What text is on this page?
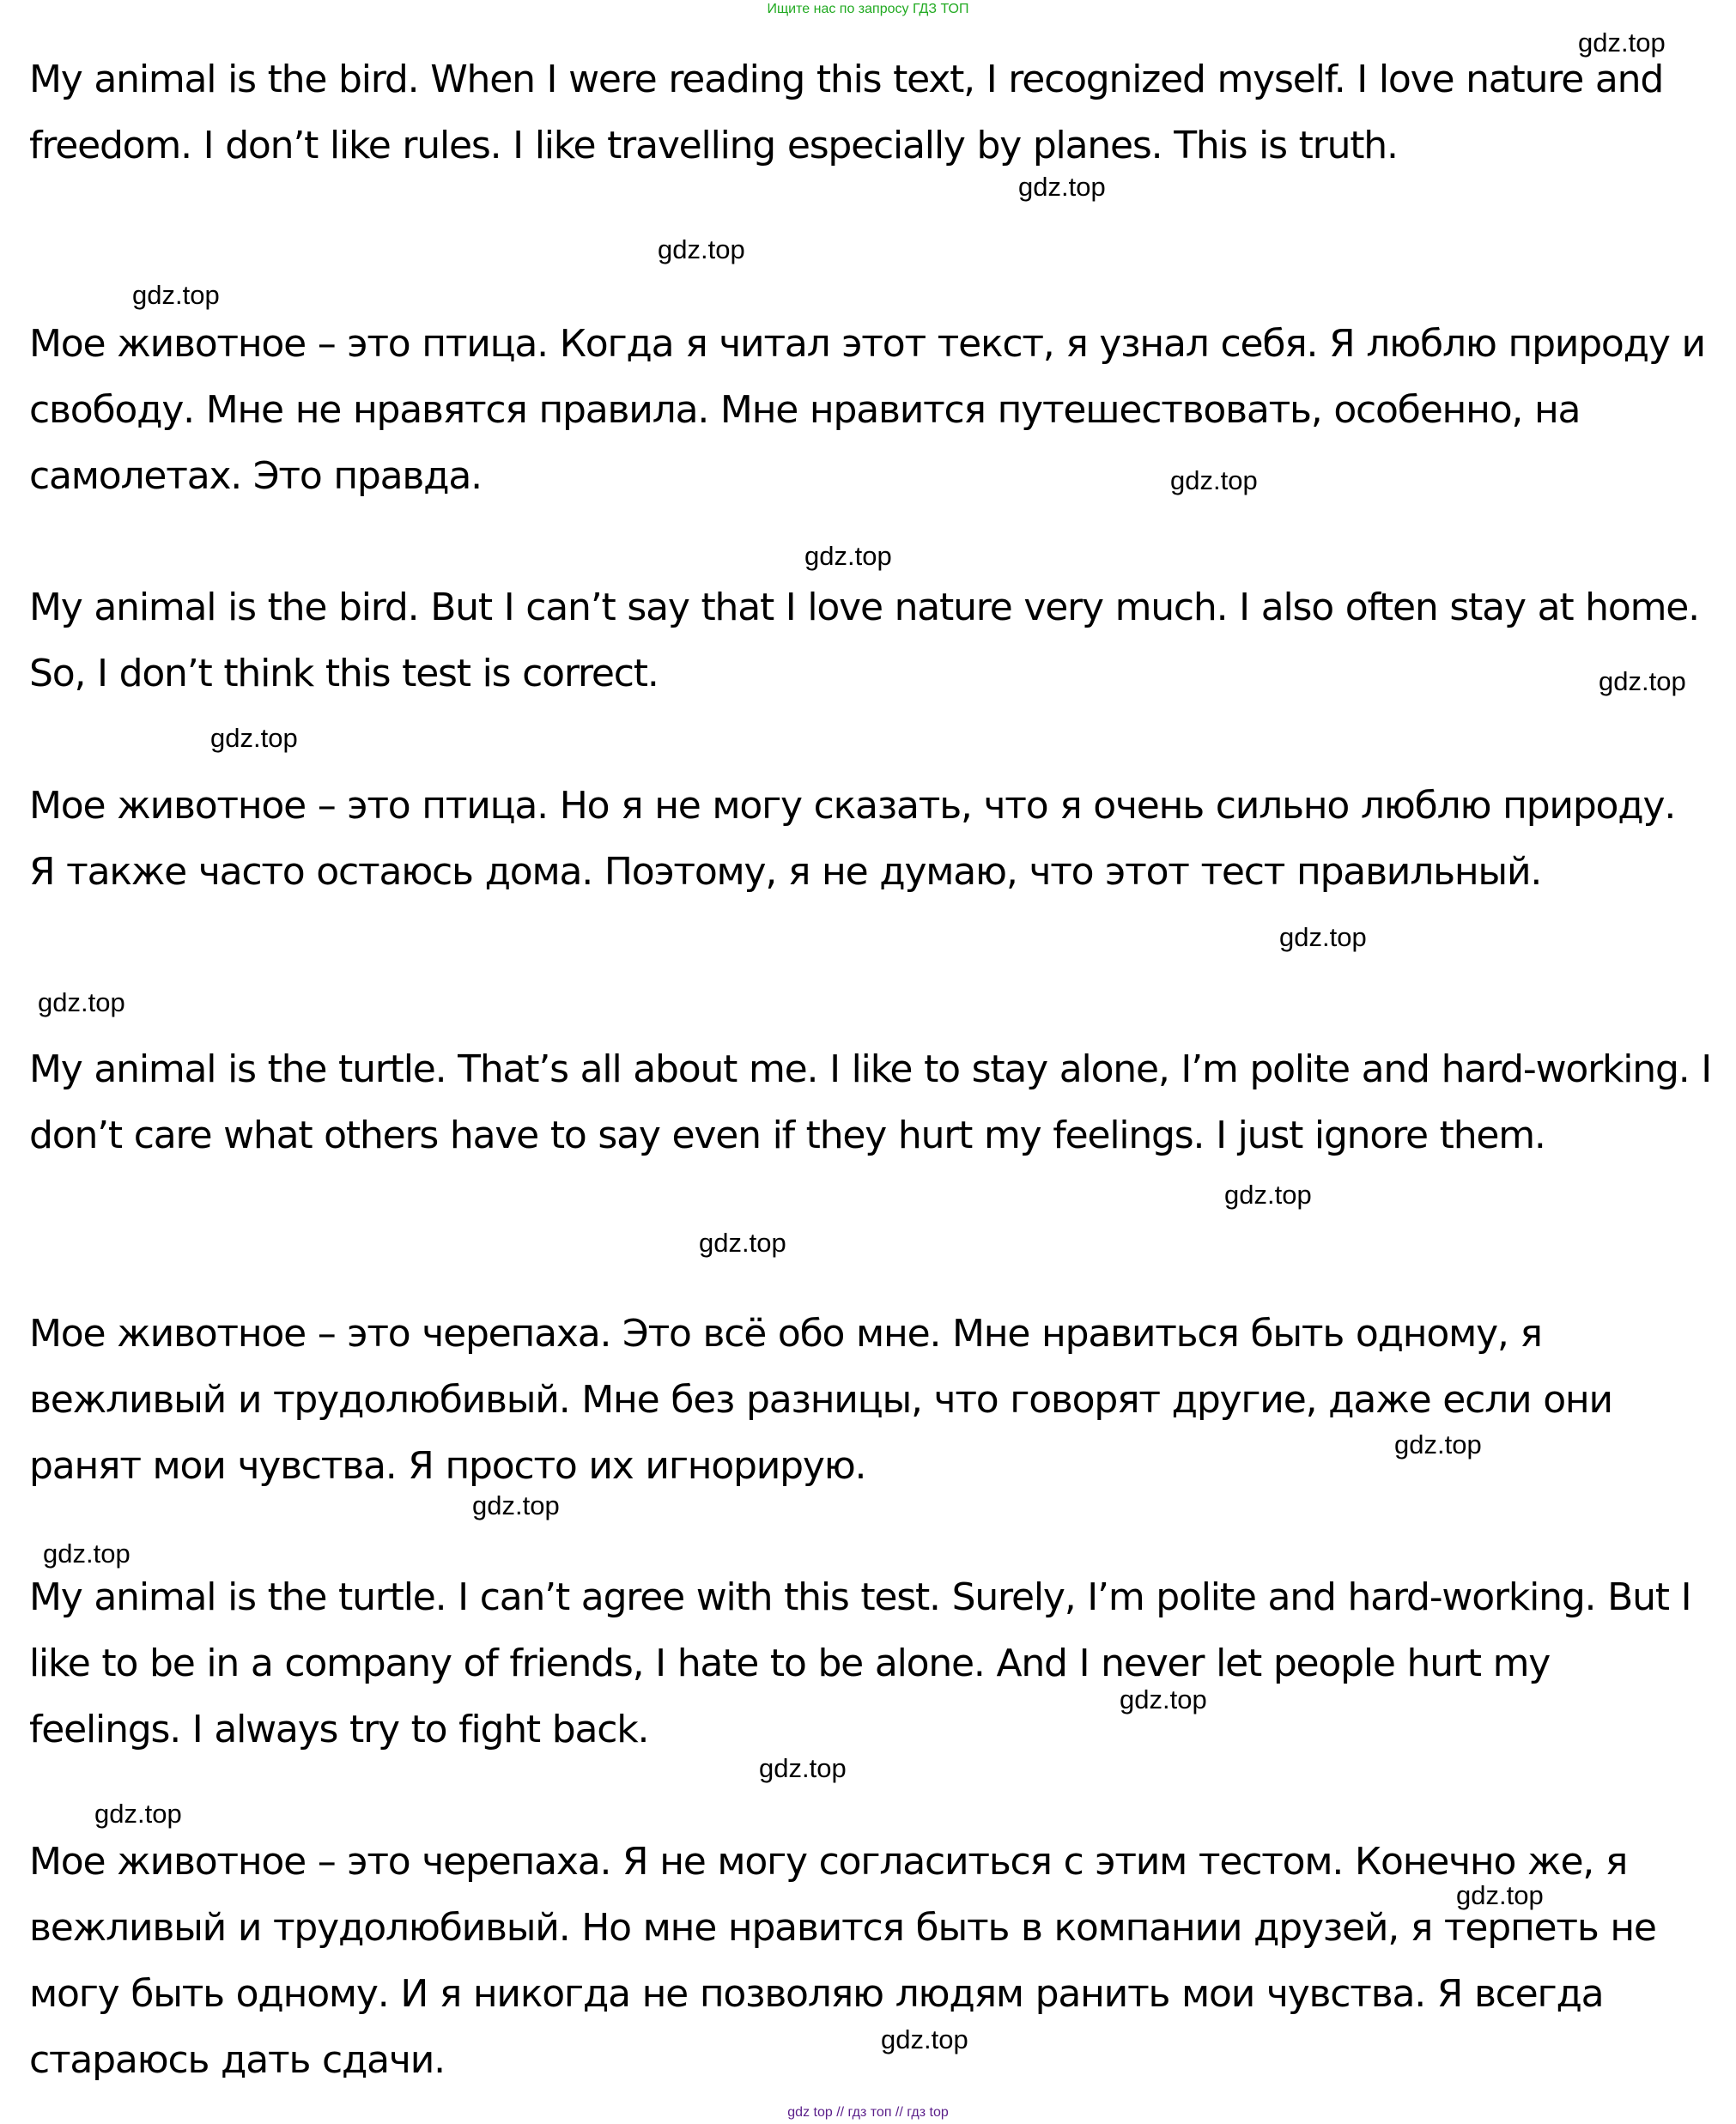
Ищите нас по запросу ГДЗ ТОП

My animal is the bird. When I were reading this text, I recognized myself. I love nature and freedom. I don’t like rules. I like travelling especially by planes. This is truth.

Мое животное – это птица. Когда я читал этот текст, я узнал себя. Я люблю природу и свободу. Мне не нравятся правила. Мне нравится путешествовать, особенно, на самолетах. Это правда.

My animal is the bird. But I can’t say that I love nature very much. I also often stay at home. So, I don’t think this test is correct.

Мое животное – это птица. Но я не могу сказать, что я очень сильно люблю природу. Я также часто остаюсь дома. Поэтому, я не думаю, что этот тест правильный.

My animal is the turtle. That’s all about me. I like to stay alone, I’m polite and hard-working. I don’t care what others have to say even if they hurt my feelings. I just ignore them.

Мое животное – это черепаха. Это всё обо мне. Мне нравиться быть одному, я вежливый и трудолюбивый. Мне без разницы, что говорят другие, даже если они ранят мои чувства. Я просто их игнорирую.

My animal is the turtle. I can’t agree with this test. Surely, I’m polite and hard-working. But I like to be in a company of friends, I hate to be alone. And I never let people hurt my feelings. I always try to fight back.

Мое животное – это черепаха. Я не могу согласиться с этим тестом. Конечно же, я вежливый и трудолюбивый. Но мне нравится быть в компании друзей, я терпеть не могу быть одному. И я никогда не позволяю людям ранить мои чувства. Я всегда стараюсь дать сдачи.

gdz.top
gdz.top
gdz.top
gdz.top
gdz.top
gdz.top
gdz.top
gdz.top
gdz.top
gdz.top
gdz.top
gdz.top
gdz.top
gdz.top
gdz.top
gdz.top
gdz.top
gdz.top
gdz.top
gdz.top
gdz top // гдз топ // гдз top
